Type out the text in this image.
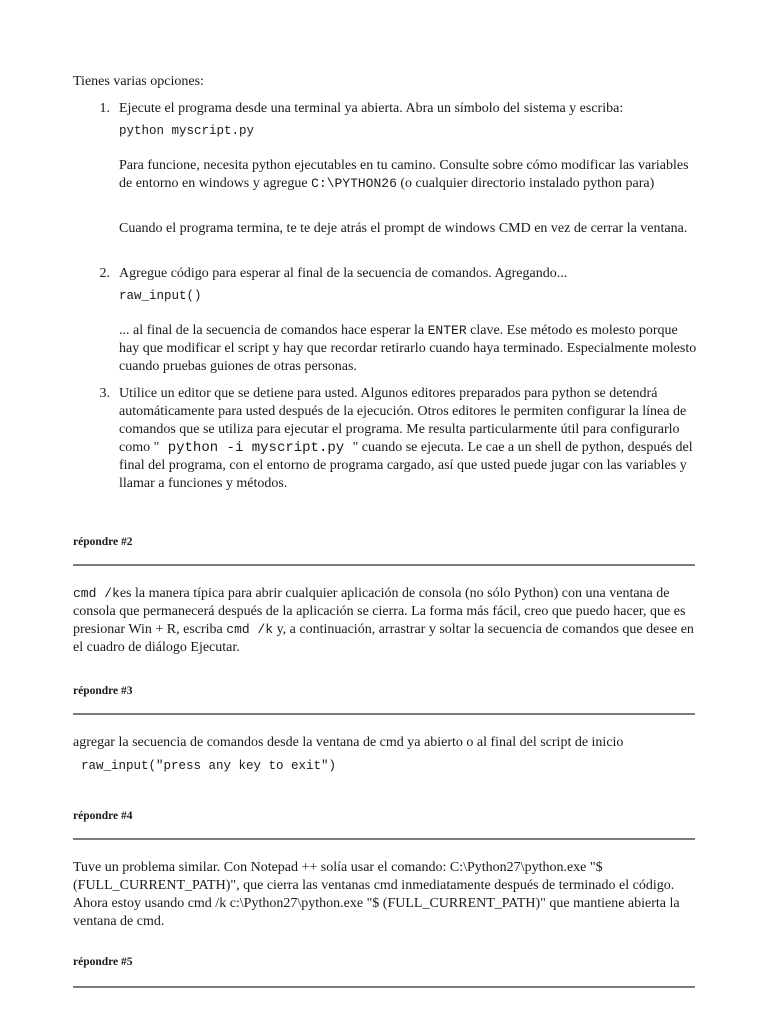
Tienes varias opciones:
1. Ejecute el programa desde una terminal ya abierta. Abra un símbolo del sistema y escriba:
python myscript.py
Para funcione, necesita python ejecutables en tu camino. Consulte sobre cómo modificar las variables de entorno en windows y agregue C:\PYTHON26 (o cualquier directorio instalado python para)
Cuando el programa termina, te te deje atrás el prompt de windows CMD en vez de cerrar la ventana.
2. Agregue código para esperar al final de la secuencia de comandos. Agregando...
raw_input()
... al final de la secuencia de comandos hace esperar la ENTER clave. Ese método es molesto porque hay que modificar el script y hay que recordar retirarlo cuando haya terminado. Especialmente molesto cuando pruebas guiones de otras personas.
3. Utilice un editor que se detiene para usted. Algunos editores preparados para python se detendrá automáticamente para usted después de la ejecución. Otros editores le permiten configurar la línea de comandos que se utiliza para ejecutar el programa. Me resulta particularmente útil para configurarlo como " python -i myscript.py " cuando se ejecuta. Le cae a un shell de python, después del final del programa, con el entorno de programa cargado, así que usted puede jugar con las variables y llamar a funciones y métodos.
répondre #2
cmd /kes la manera típica para abrir cualquier aplicación de consola (no sólo Python) con una ventana de consola que permanecerá después de la aplicación se cierra. La forma más fácil, creo que puedo hacer, que es presionar Win + R, escriba cmd /k y, a continuación, arrastrar y soltar la secuencia de comandos que desee en el cuadro de diálogo Ejecutar.
répondre #3
agregar la secuencia de comandos desde la ventana de cmd ya abierto o al final del script de inicio
raw_input("press any key to exit")
répondre #4
Tuve un problema similar. Con Notepad ++ solía usar el comando: C:\Python27\python.exe "$ (FULL_CURRENT_PATH)", que cierra las ventanas cmd inmediatamente después de terminado el código. Ahora estoy usando cmd /k c:\Python27\python.exe "$ (FULL_CURRENT_PATH)" que mantiene abierta la ventana de cmd.
répondre #5
